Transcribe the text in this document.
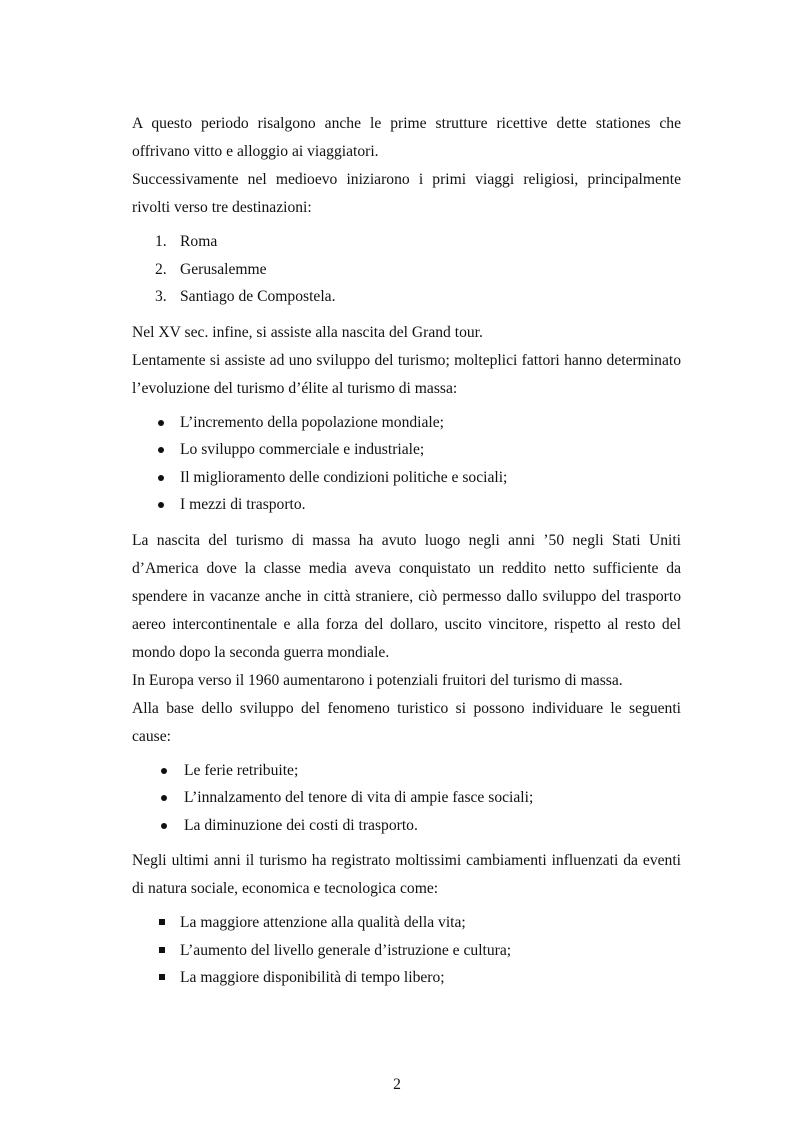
A questo periodo risalgono anche le prime strutture ricettive dette stationes che offrivano vitto e alloggio ai viaggiatori.

Successivamente nel medioevo iniziarono i primi viaggi religiosi, principalmente rivolti verso tre destinazioni:

1. Roma
2. Gerusalemme
3. Santiago de Compostela.

Nel XV sec. infine, si assiste alla nascita del Grand tour.

Lentamente si assiste ad uno sviluppo del turismo; molteplici fattori hanno determinato l’evoluzione del turismo d’élite al turismo di massa:

L’incremento della popolazione mondiale;
Lo sviluppo commerciale e industriale;
Il miglioramento delle condizioni politiche e sociali;
I mezzi di trasporto.

La nascita del turismo di massa ha avuto luogo negli anni ’50 negli Stati Uniti d’America dove la classe media aveva conquistato un reddito netto sufficiente da spendere in vacanze anche in città straniere, ciò permesso dallo sviluppo del trasporto aereo intercontinentale e alla forza del dollaro, uscito vincitore, rispetto al resto del mondo dopo la seconda guerra mondiale.

In Europa verso il 1960 aumentarono i potenziali fruitori del turismo di massa.

Alla base dello sviluppo del fenomeno turistico si possono individuare le seguenti cause:

Le ferie retribuite;
L’innalzamento del tenore di vita di ampie fasce sociali;
La diminuzione dei costi di trasporto.

Negli ultimi anni il turismo ha registrato moltissimi cambiamenti influenzati da eventi di natura sociale, economica e tecnologica come:

La maggiore attenzione alla qualità della vita;
L’aumento del livello generale d’istruzione e cultura;
La maggiore disponibilità di tempo libero;
2
